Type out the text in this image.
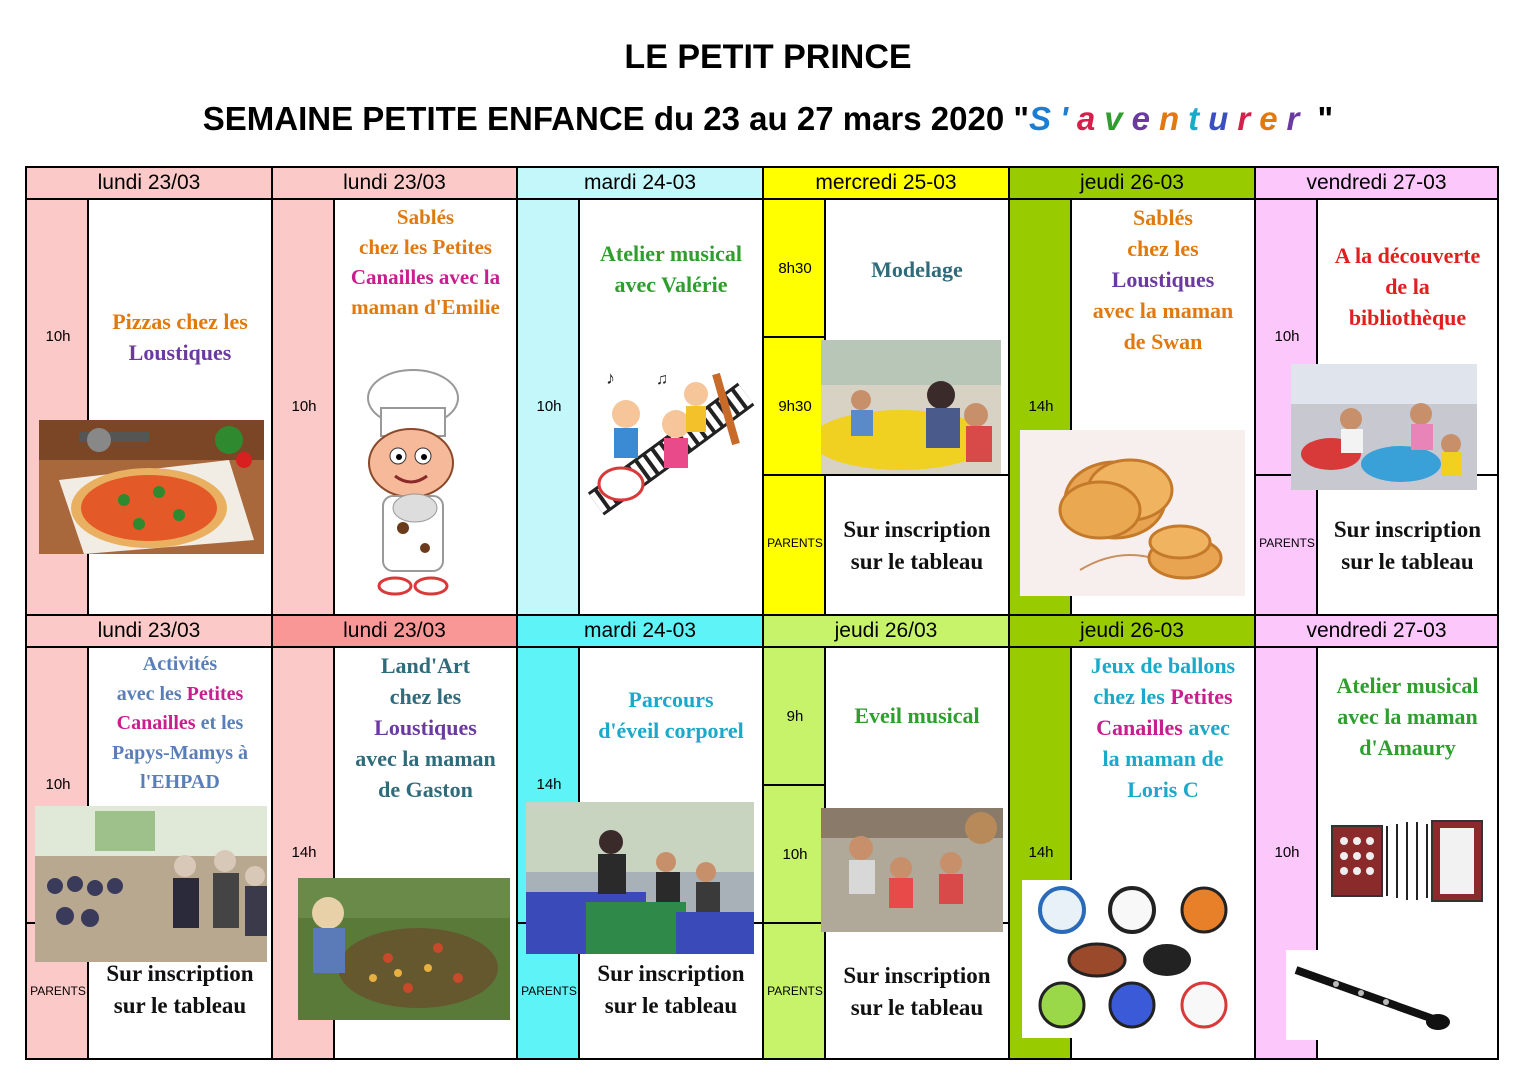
LE PETIT PRINCE
SEMAINE PETITE ENFANCE du 23 au 27 mars 2020 "S'aventurer "
lundi 23/03
10h
Pizzas chez les
Loustiques
lundi 23/03
10h
Sablés
chez les Petites
Canailles avec la
maman d'Emilie
mardi 24-03
10h
Atelier musical
avec Valérie
♪	♫
mercredi 25-03
8h30
9h30
PARENTS
Modelage
Sur inscription
sur le tableau
jeudi 26-03
14h
Sablés
chez les
Loustiques
avec la maman
de Swan
vendredi 27-03
10h
PARENTS
A la découverte
de la
bibliothèque
Sur inscription
sur le tableau
lundi 23/03
10h
PARENTS
Activités
avec les Petites
Canailles et les
Papys-Mamys à
l'EHPAD
Sur inscription
sur le tableau
lundi 23/03
14h
Land'Art
chez les
Loustiques
avec la maman
de Gaston
mardi 24-03
14h
PARENTS
Parcours
d'éveil corporel
Sur inscription
sur le tableau
jeudi 26/03
9h
10h
PARENTS
Eveil musical
Sur inscription
sur le tableau
jeudi 26-03
14h
Jeux de ballons
chez les Petites
Canailles avec
la maman de
Loris C
vendredi 27-03
10h
Atelier musical
avec la maman
d'Amaury
